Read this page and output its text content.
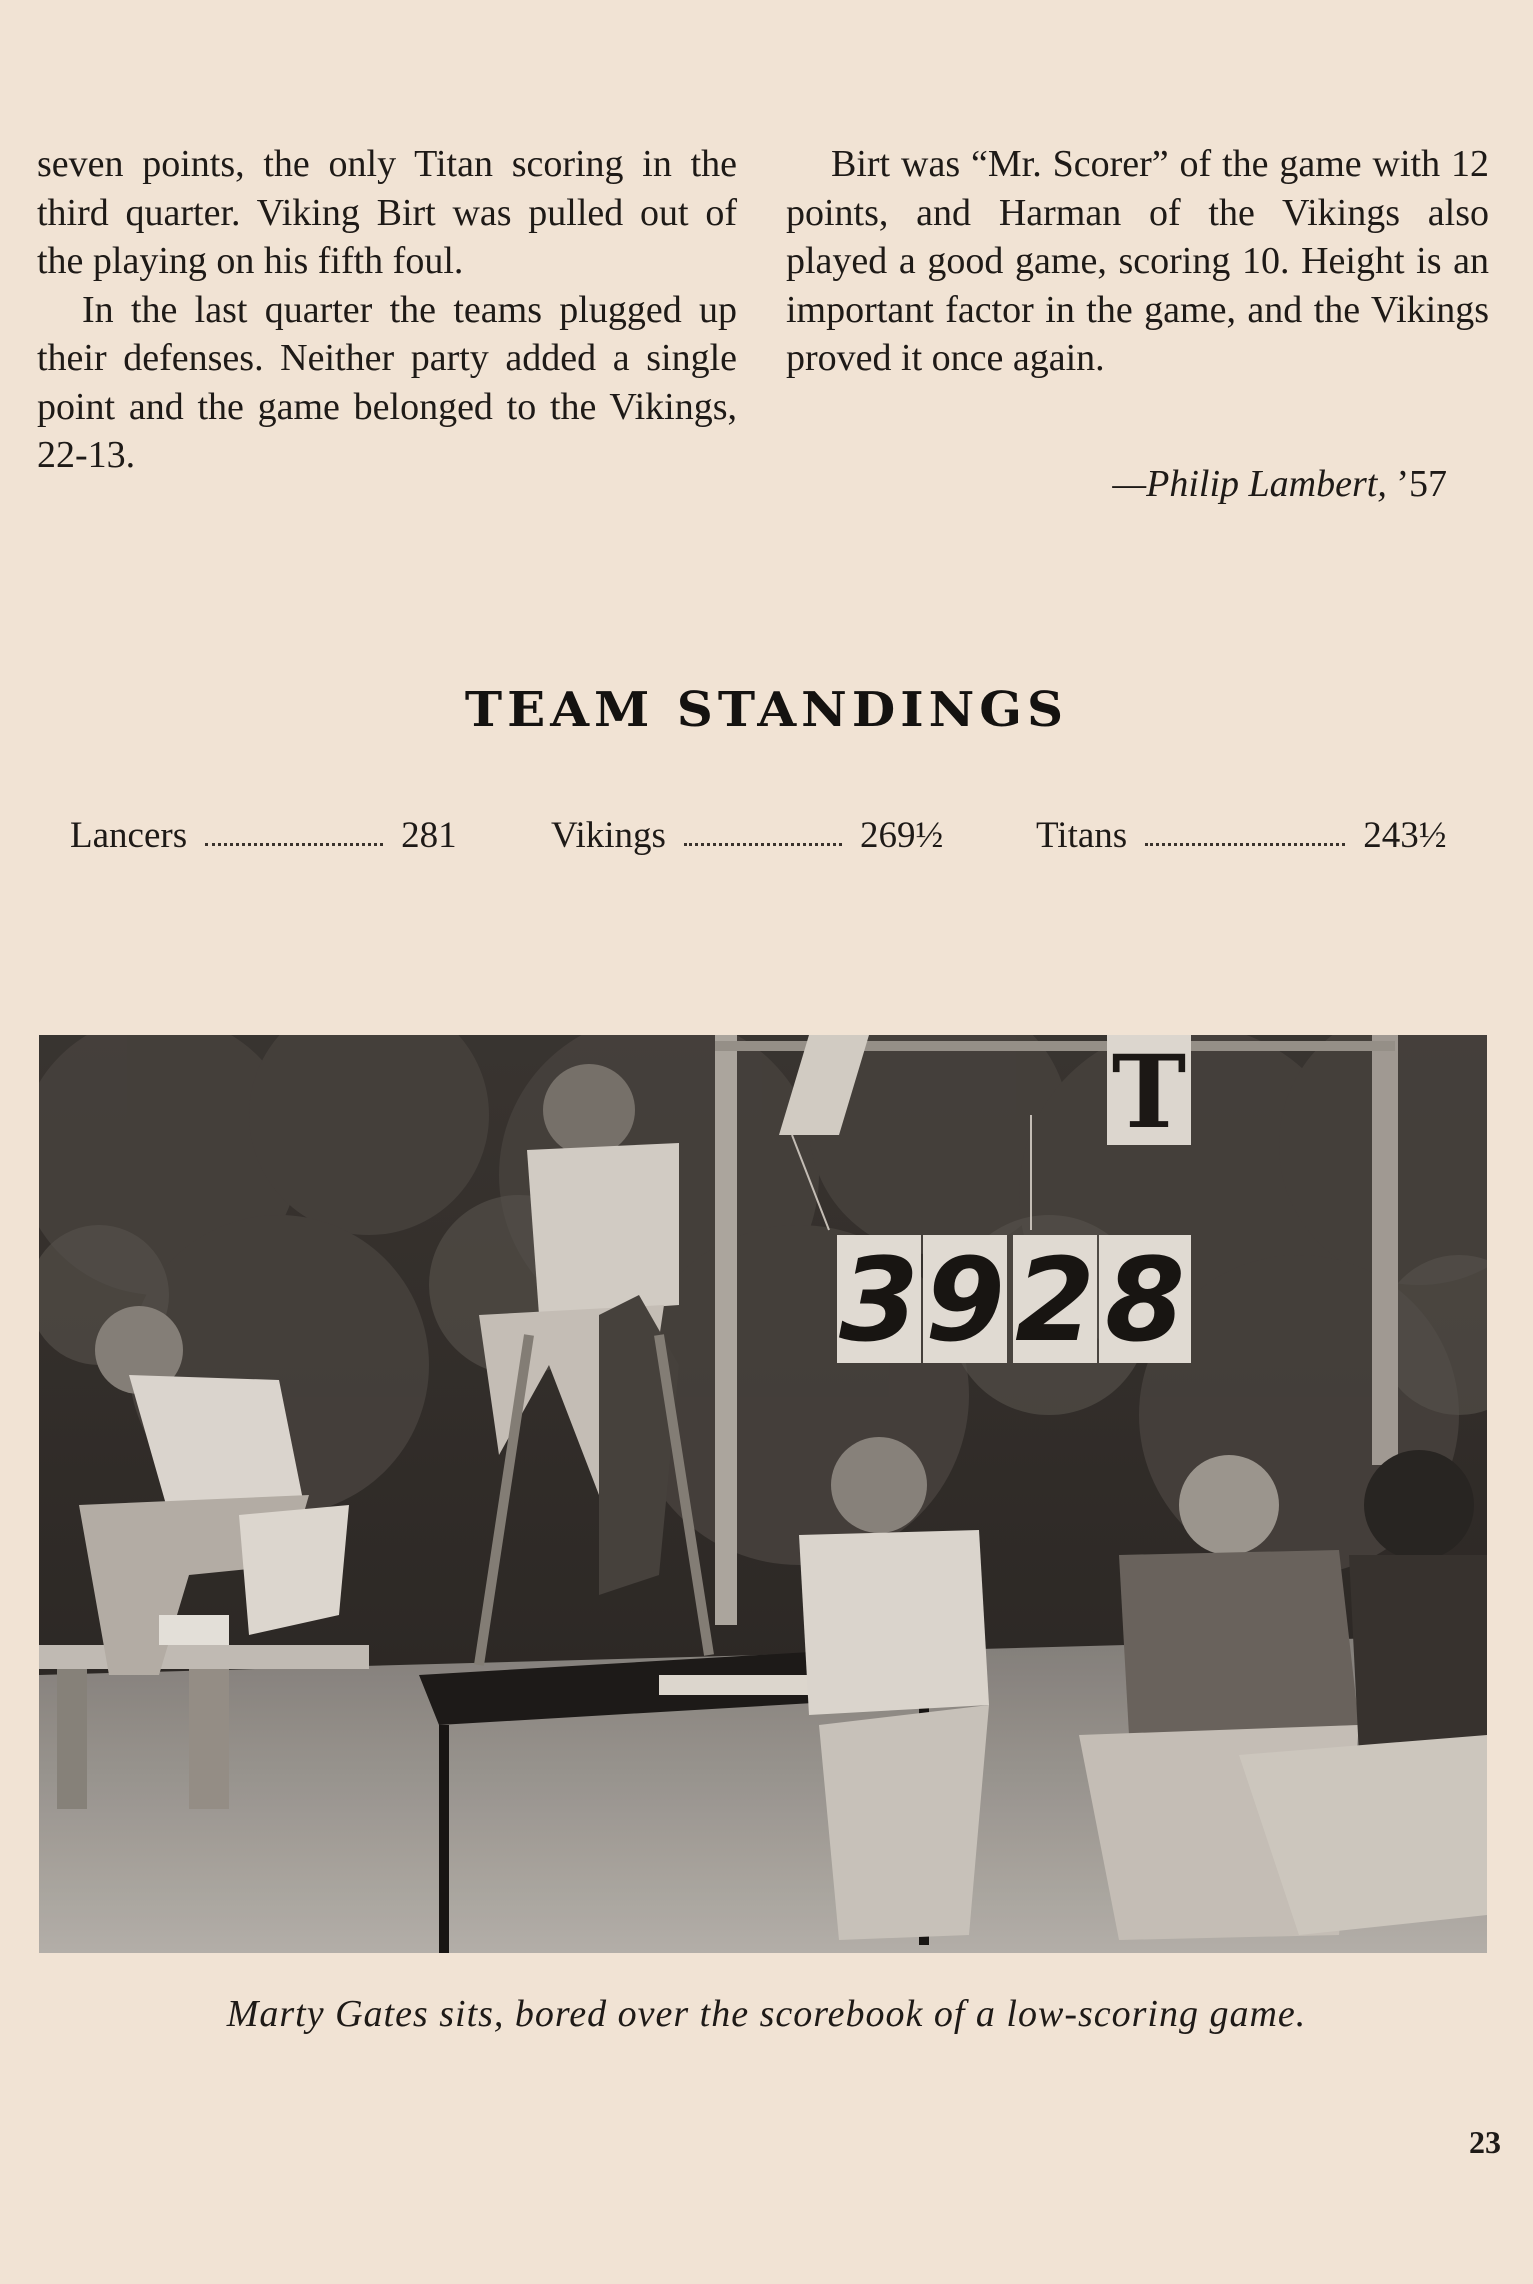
seven points, the only Titan scoring in the third quarter. Viking Birt was pulled out of the playing on his fifth foul.

In the last quarter the teams plugged up their defenses. Neither party added a single point and the game belonged to the Vikings, 22-13.

Birt was “Mr. Scorer” of the game with 12 points, and Harman of the Vikings also played a good game, scoring 10. Height is an important factor in the game, and the Vikings proved it once again.

—Philip Lambert, ’57
TEAM STANDINGS
Lancers	281	Vikings	269½	Titans	243½
T
3 9 2 8
Marty Gates sits, bored over the scorebook of a low-scoring game.
23
